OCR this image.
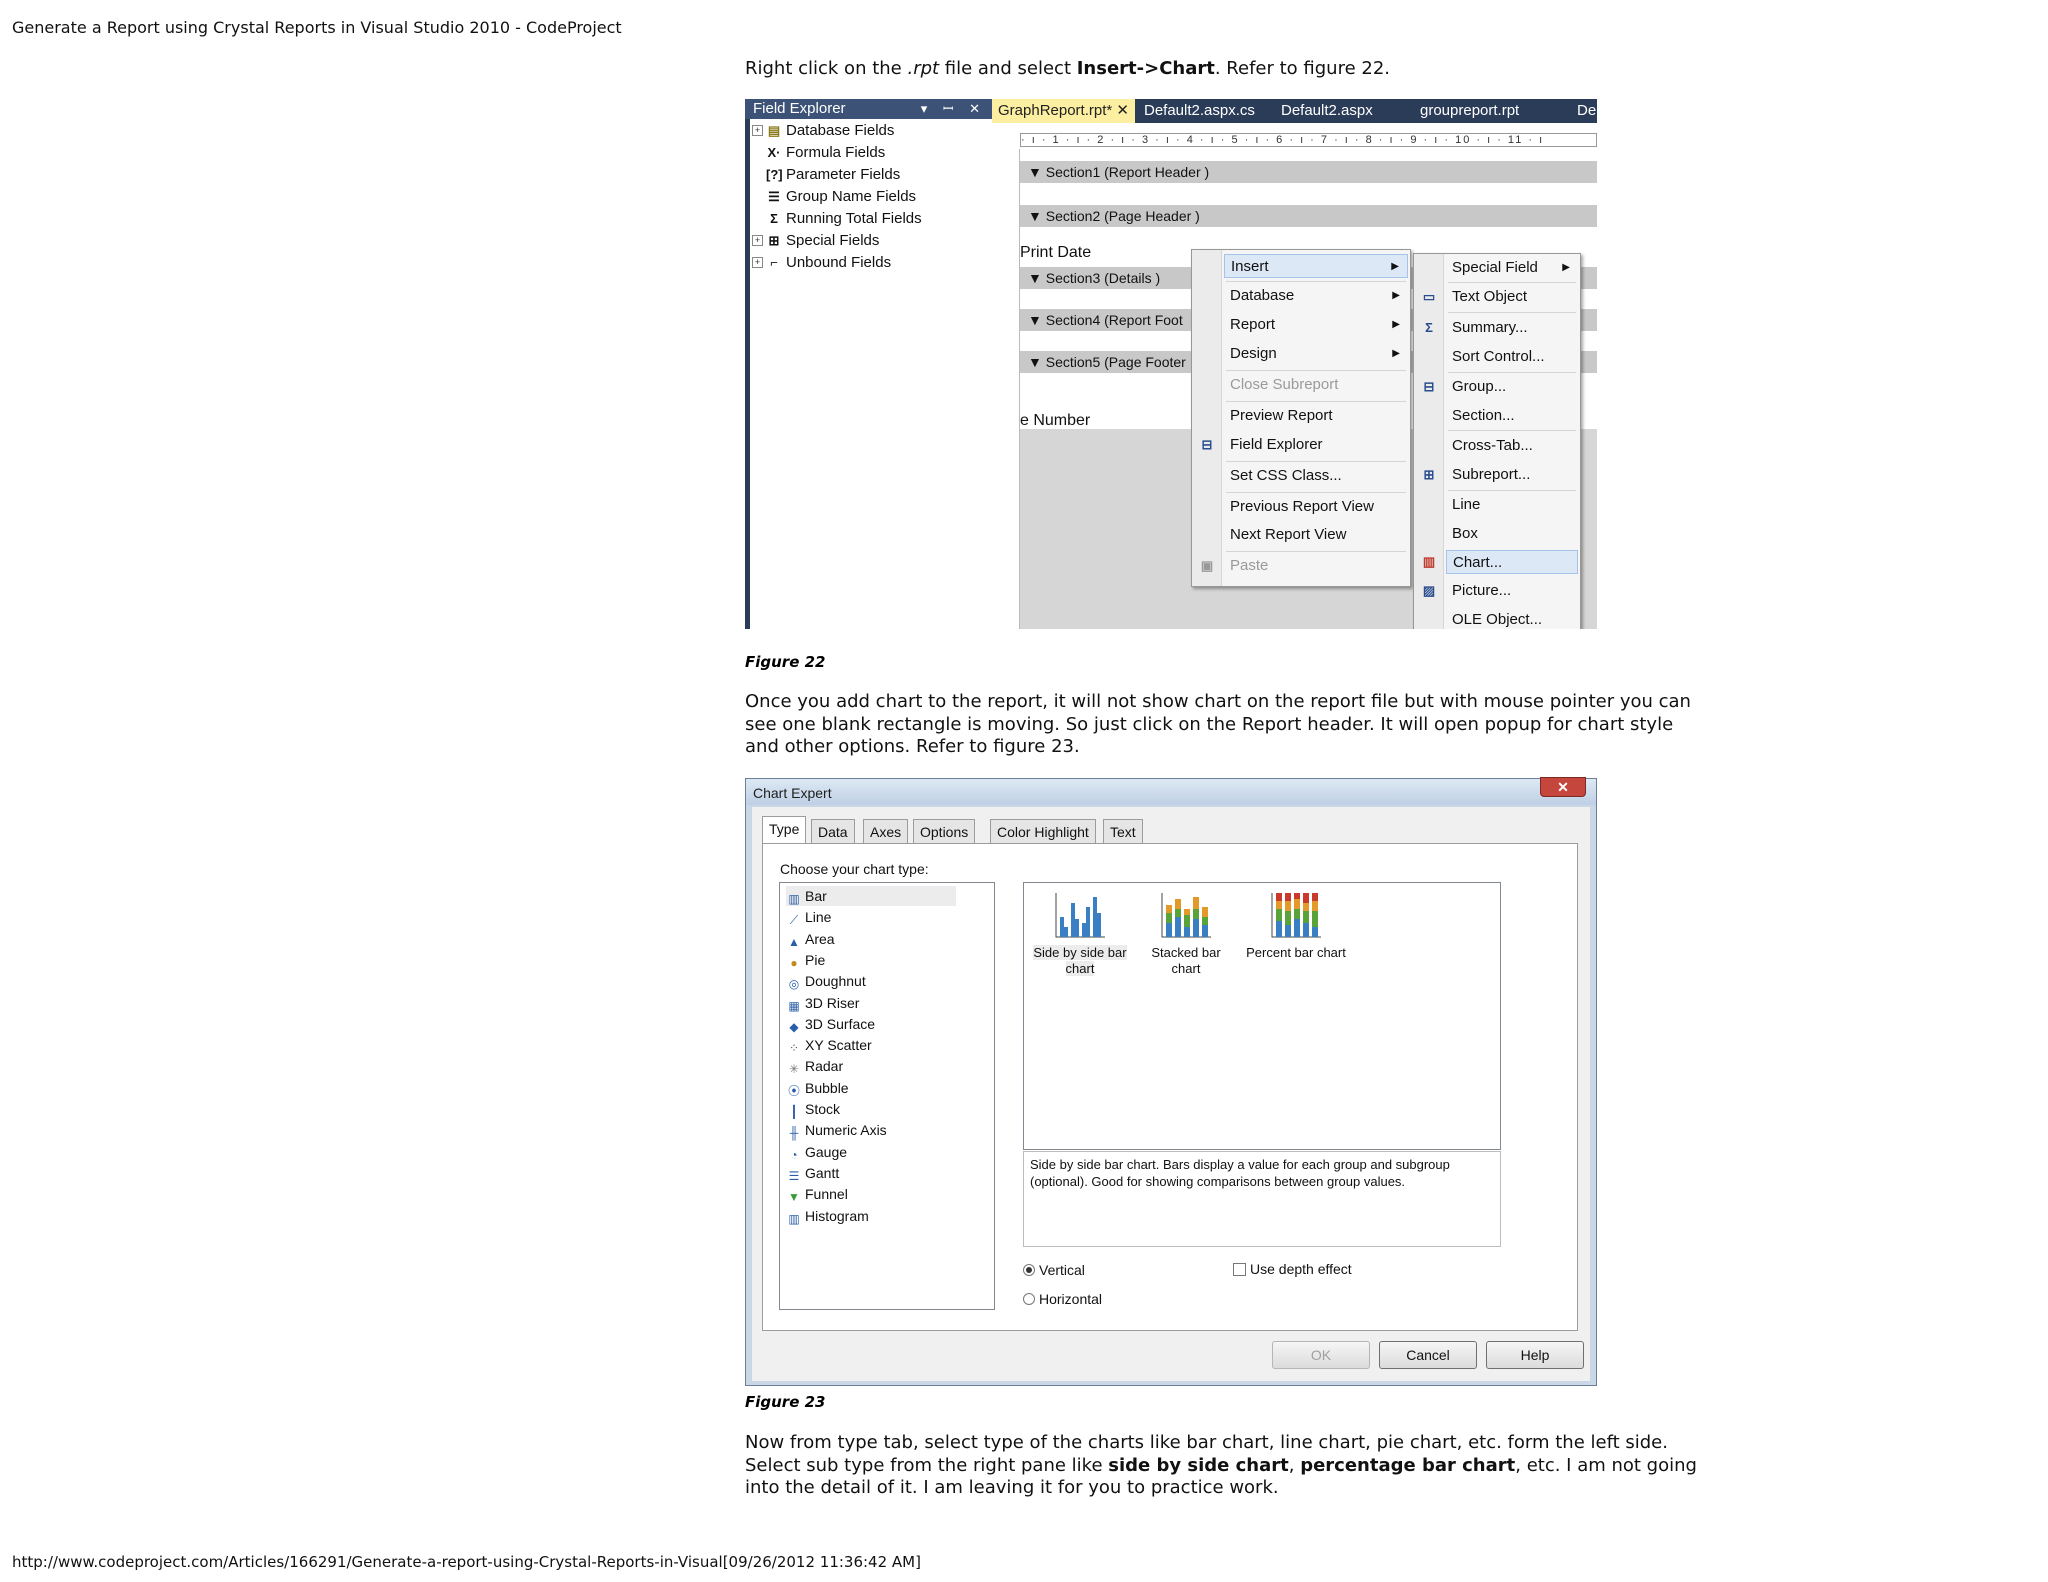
Generate a Report using Crystal Reports in Visual Studio 2010 - CodeProject

Right click on the .rpt file and select Insert->Chart. Refer to figure 22.

Field Explorer	▾ ꟷ ✕
+ ▤ Database Fields
X· Formula Fields
[?] Parameter Fields
☰ Group Name Fields
Σ Running Total Fields
+ ⊞ Special Fields
+ ⌐ Unbound Fields
GraphReport.rpt* ✕	Default2.aspx.cs	Default2.aspx	groupreport.rpt	De
· ı · 1 · ı · 2 · ı · 3 · ı · 4 · ı · 5 · ı · 6 · ı · 7 · ı · 8 · ı · 9 · ı · 10 · ı · 11 · ı
▼ Section1 (Report Header )
▼ Section2 (Page Header )
Print Date
▼ Section3 (Details )
▼ Section4 (Report Foot
▼ Section5 (Page Footer
e Number
Insert	▶
Database	▶
Report	▶
Design	▶
Close Subreport
Preview Report
⊟	Field Explorer
Set CSS Class...
Previous Report View
Next Report View
▣	Paste
Special Field ▶
▭	Text Object
Σ	Summary...
Sort Control...
⊟	Group...
Section...
Cross-Tab...
⊞	Subreport...
Line
Box
▥	Chart...
▨	Picture...
OLE Object...
Figure 22

Once you add chart to the report, it will not show chart on the report file but with mouse pointer you can see one blank rectangle is moving. So just click on the Report header. It will open popup for chart style and other options. Refer to figure 23.

Chart Expert	✕
Type	Data	Axes	Options	Color Highlight	Text
Choose your chart type:
▥ Bar
⟋ Line
▲ Area
● Pie
◎ Doughnut
▦ 3D Riser
◆ 3D Surface
⁘ XY Scatter
✳ Radar
⦿ Bubble
┃ Stock
╫ Numeric Axis
◔ Gauge
☰ Gantt
▼ Funnel
▥ Histogram
Side by side bar chart
Stacked bar chart
Percent bar chart
Side by side bar chart. Bars display a value for each group and subgroup (optional). Good for showing comparisons between group values.
Vertical
Horizontal
Use depth effect
OK	Cancel	Help
Figure 23

Now from type tab, select type of the charts like bar chart, line chart, pie chart, etc. form the left side. Select sub type from the right pane like side by side chart, percentage bar chart, etc. I am not going into the detail of it. I am leaving it for you to practice work.

http://www.codeproject.com/Articles/166291/Generate-a-report-using-Crystal-Reports-in-Visual[09/26/2012 11:36:42 AM]
